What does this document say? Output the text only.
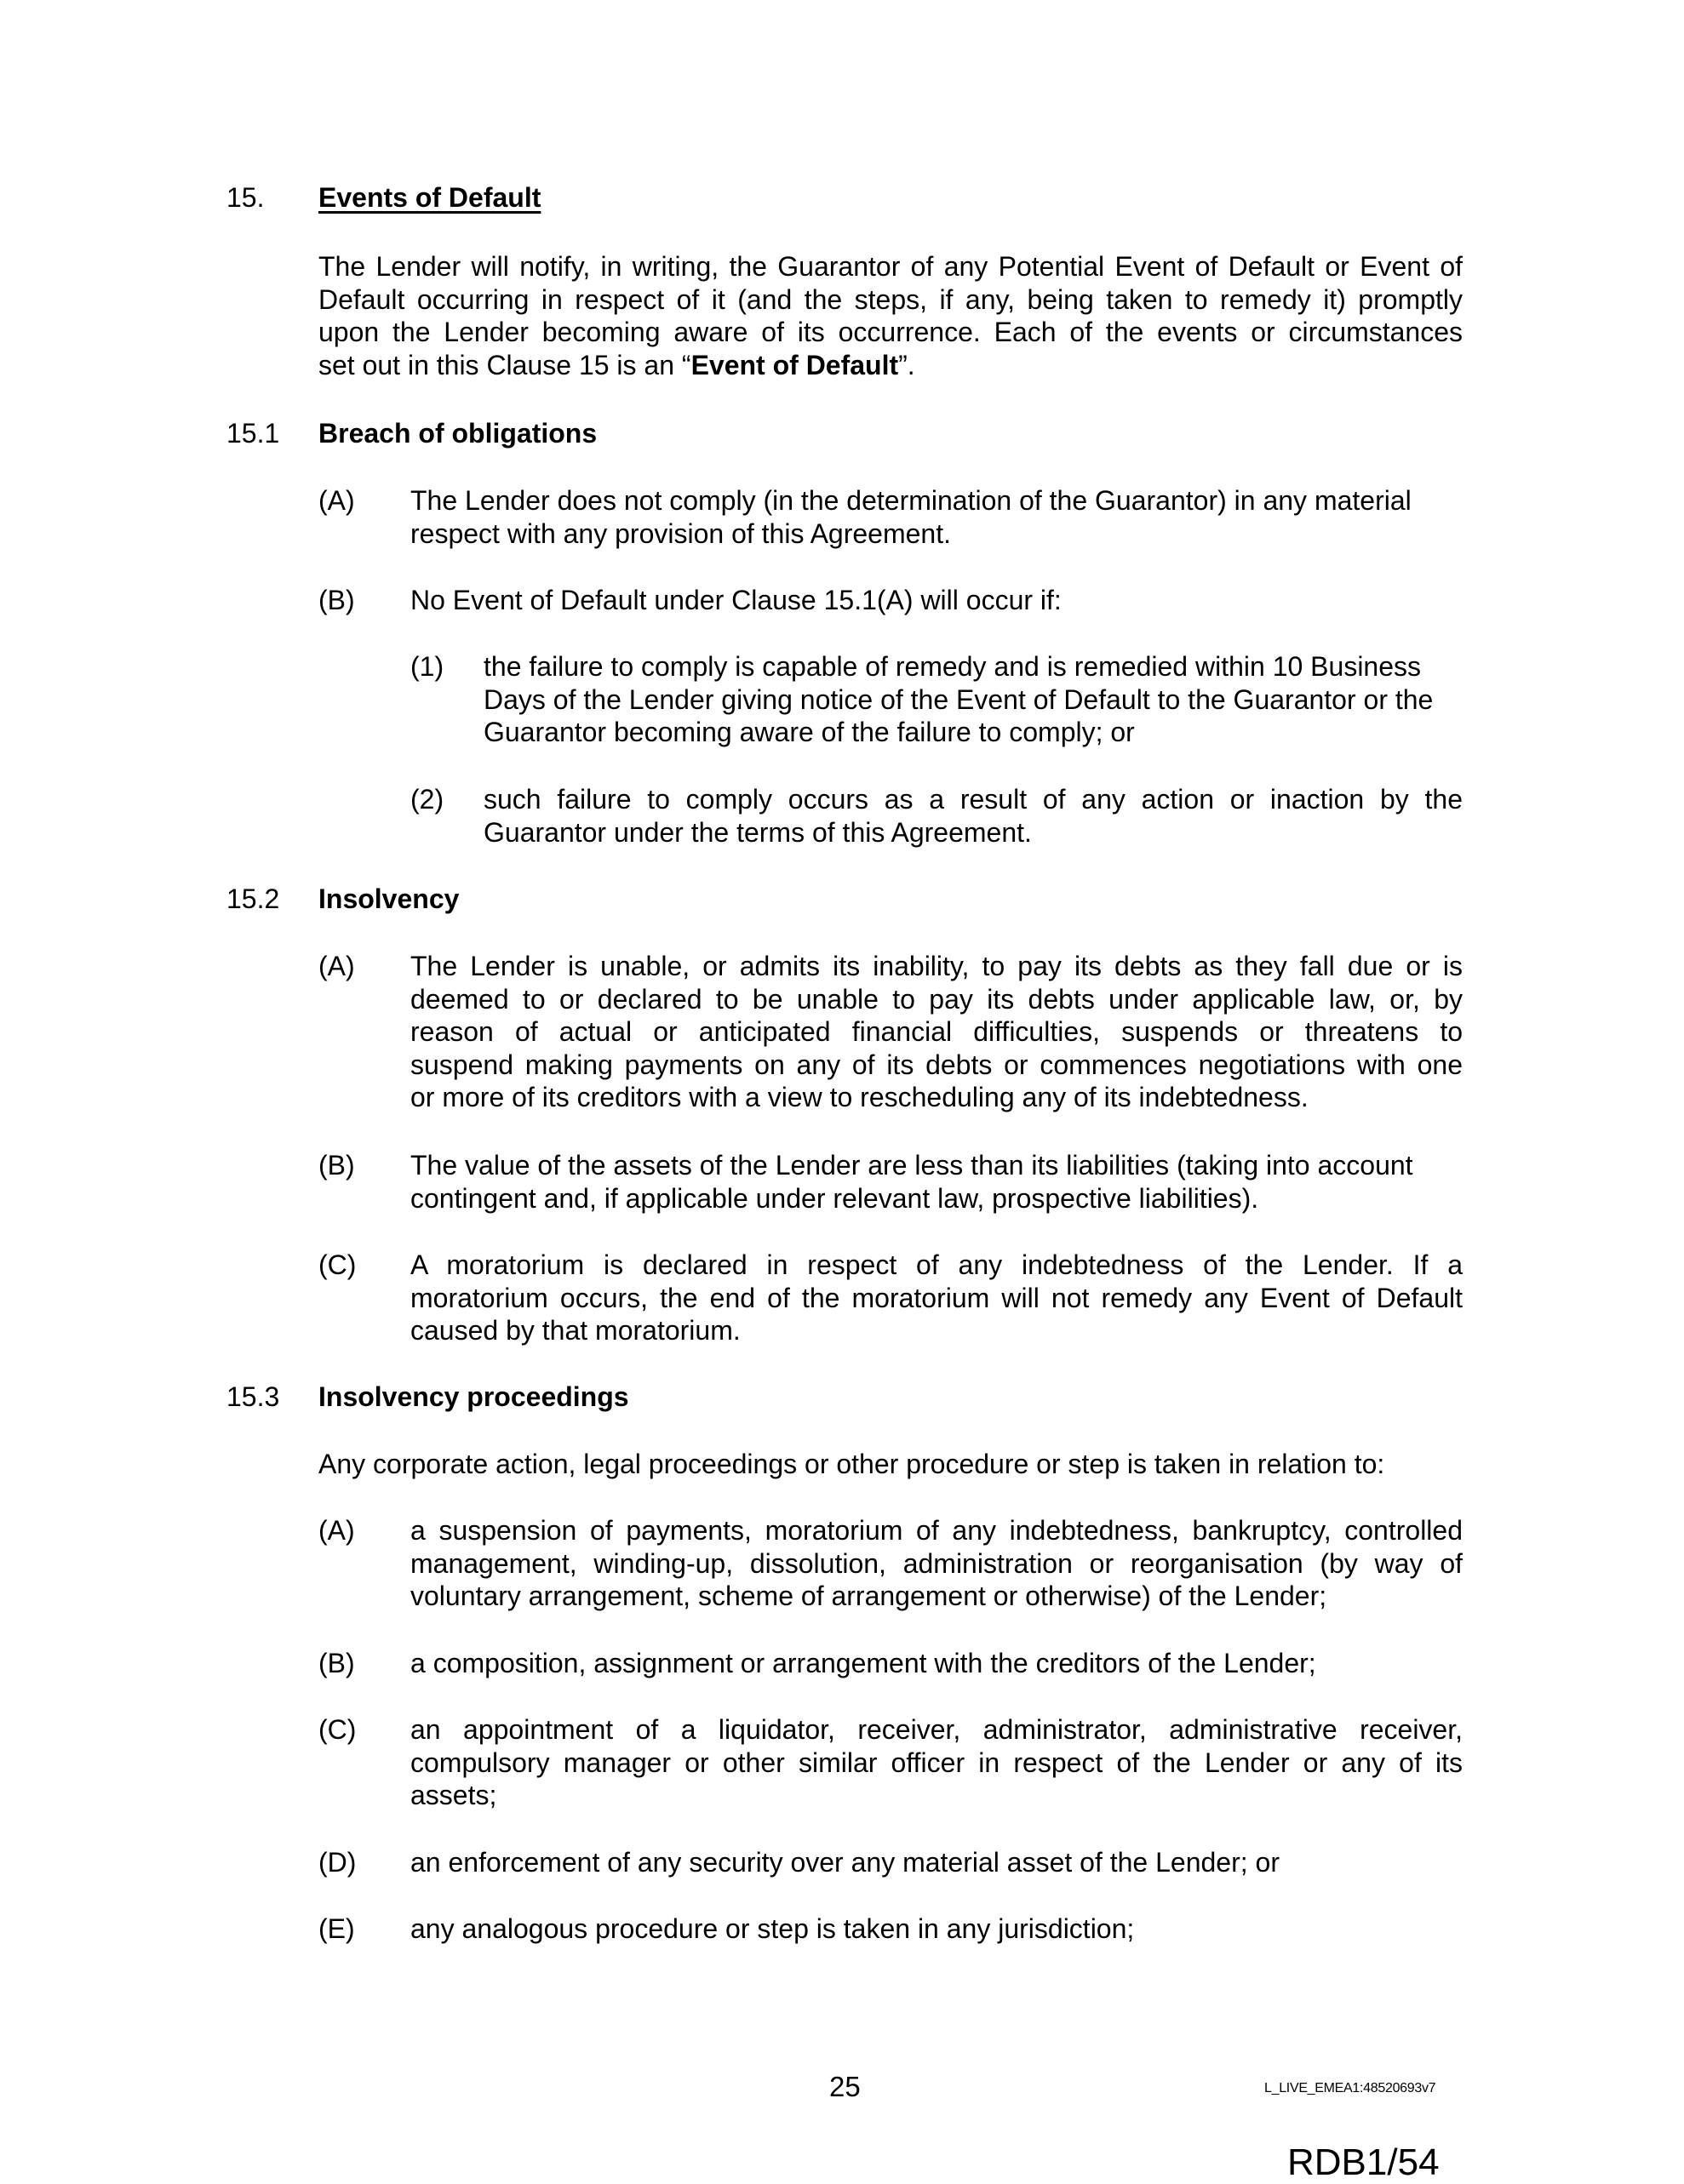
15. Events of Default
The Lender will notify, in writing, the Guarantor of any Potential Event of Default or Event of
Default occurring in respect of it (and the steps, if any, being taken to remedy it) promptly
upon the Lender becoming aware of its occurrence. Each of the events or circumstances
set out in this Clause 15 is an “Event of Default”.
15.1 Breach of obligations
(A) The Lender does not comply (in the determination of the Guarantor) in any material
respect with any provision of this Agreement.
(B) No Event of Default under Clause 15.1(A) will occur if:
(1) the failure to comply is capable of remedy and is remedied within 10 Business
Days of the Lender giving notice of the Event of Default to the Guarantor or the
Guarantor becoming aware of the failure to comply; or
(2) such failure to comply occurs as a result of any action or inaction by the
Guarantor under the terms of this Agreement.
15.2 Insolvency
(A) The Lender is unable, or admits its inability, to pay its debts as they fall due or is
deemed to or declared to be unable to pay its debts under applicable law, or, by
reason of actual or anticipated financial difficulties, suspends or threatens to
suspend making payments on any of its debts or commences negotiations with one
or more of its creditors with a view to rescheduling any of its indebtedness.
(B) The value of the assets of the Lender are less than its liabilities (taking into account
contingent and, if applicable under relevant law, prospective liabilities).
(C) A moratorium is declared in respect of any indebtedness of the Lender. If a
moratorium occurs, the end of the moratorium will not remedy any Event of Default
caused by that moratorium.
15.3 Insolvency proceedings
Any corporate action, legal proceedings or other procedure or step is taken in relation to:
(A) a suspension of payments, moratorium of any indebtedness, bankruptcy, controlled
management, winding-up, dissolution, administration or reorganisation (by way of
voluntary arrangement, scheme of arrangement or otherwise) of the Lender;
(B) a composition, assignment or arrangement with the creditors of the Lender;
(C) an appointment of a liquidator, receiver, administrator, administrative receiver,
compulsory manager or other similar officer in respect of the Lender or any of its
assets;
(D) an enforcement of any security over any material asset of the Lender; or
(E) any analogous procedure or step is taken in any jurisdiction;
25	L_LIVE_EMEA1:48520693v7
RDB1/54
